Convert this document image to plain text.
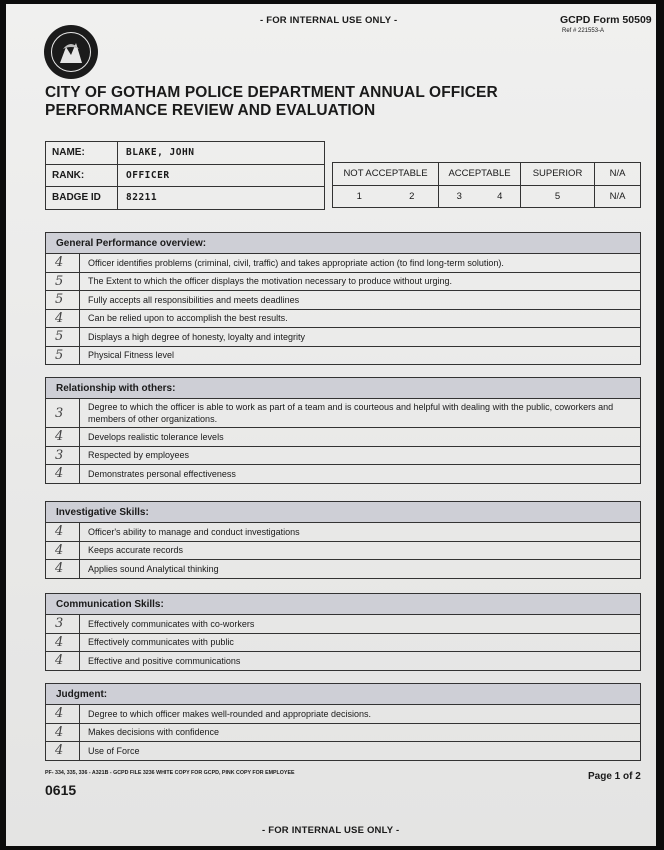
- FOR INTERNAL USE ONLY -	GCPD Form 50509
Ref # 221553-A
CITY OF GOTHAM POLICE DEPARTMENT ANNUAL OFFICER
PERFORMANCE REVIEW AND EVALUATION
NAME:	BLAKE, JOHN
RANK:	OFFICER
BADGE ID	82211
NOT ACCEPTABLE	ACCEPTABLE	SUPERIOR	N/A
1	2	3	4	5	N/A
General Performance overview:
4	Officer identifies problems (criminal, civil, traffic) and takes appropriate action (to find long-term solution).
5	The Extent to which the officer displays the motivation necessary to produce without urging.
5	Fully accepts all responsibilities and meets deadlines
4	Can be relied upon to accomplish the best results.
5	Displays a high degree of honesty, loyalty and integrity
5	Physical Fitness level
Relationship with others:
3	Degree to which the officer is able to work as part of a team and is courteous and helpful with dealing with the public, coworkers and members of other organizations.
4	Develops realistic tolerance levels
3	Respected by employees
4	Demonstrates personal effectiveness
Investigative Skills:
4	Officer's ability to manage and conduct investigations
4	Keeps accurate records
4	Applies sound Analytical thinking
Communication Skills:
3	Effectively communicates with co-workers
4	Effectively communicates with public
4	Effective and positive communications
Judgment:
4	Degree to which officer makes well-rounded and appropriate decisions.
4	Makes decisions with confidence
4	Use of Force
PF- 334, 335, 336 - A321B - GCPD FILE 3236 WHITE COPY FOR GCPD, PINK COPY FOR EMPLOYEE	Page 1 of 2
0615
- FOR INTERNAL USE ONLY -
